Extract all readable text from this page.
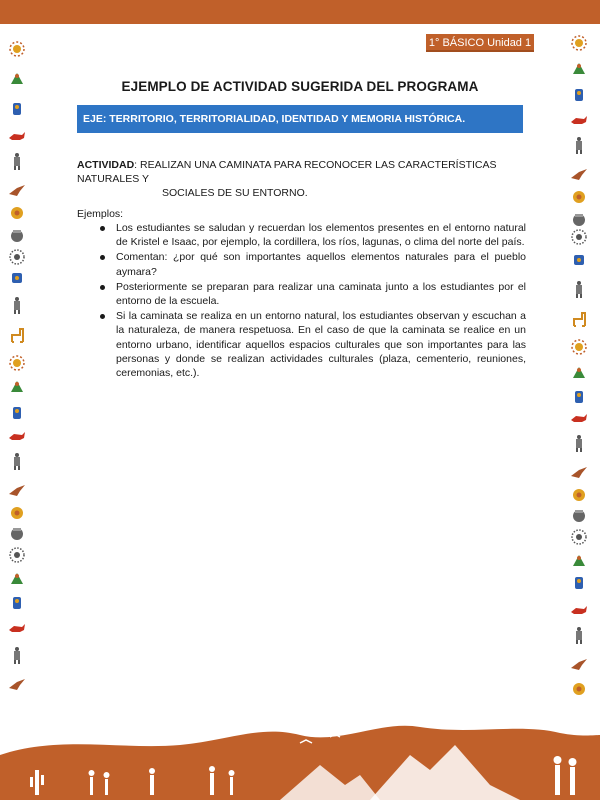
1° BÁSICO Unidad 1
EJEMPLO DE ACTIVIDAD SUGERIDA DEL PROGRAMA
EJE: TERRITORIO, TERRITORIALIDAD, IDENTIDAD Y MEMORIA HISTÓRICA.
ACTIVIDAD: REALIZAN UNA CAMINATA PARA RECONOCER LAS CARACTERÍSTICAS NATURALES Y
SOCIALES DE SU ENTORNO.
Ejemplos:
Los estudiantes se saludan y recuerdan los elementos presentes en el entorno natural de Kristel e Isaac, por ejemplo, la cordillera, los ríos, lagunas, o clima del norte del país.
Comentan: ¿por qué son importantes aquellos elementos naturales para el pueblo aymara?
Posteriormente se preparan para realizar una caminata junto a los estudiantes por el entorno de la escuela.
Si la caminata se realiza en un entorno natural, los estudiantes observan y escuchan a la naturaleza, de manera respetuosa. En el caso de que la caminata se realice en un entorno urbano, identificar aquellos espacios culturales que son importantes para las personas y donde se realizan actividades culturales (plaza, cementerio, reuniones, ceremonias, etc.).
